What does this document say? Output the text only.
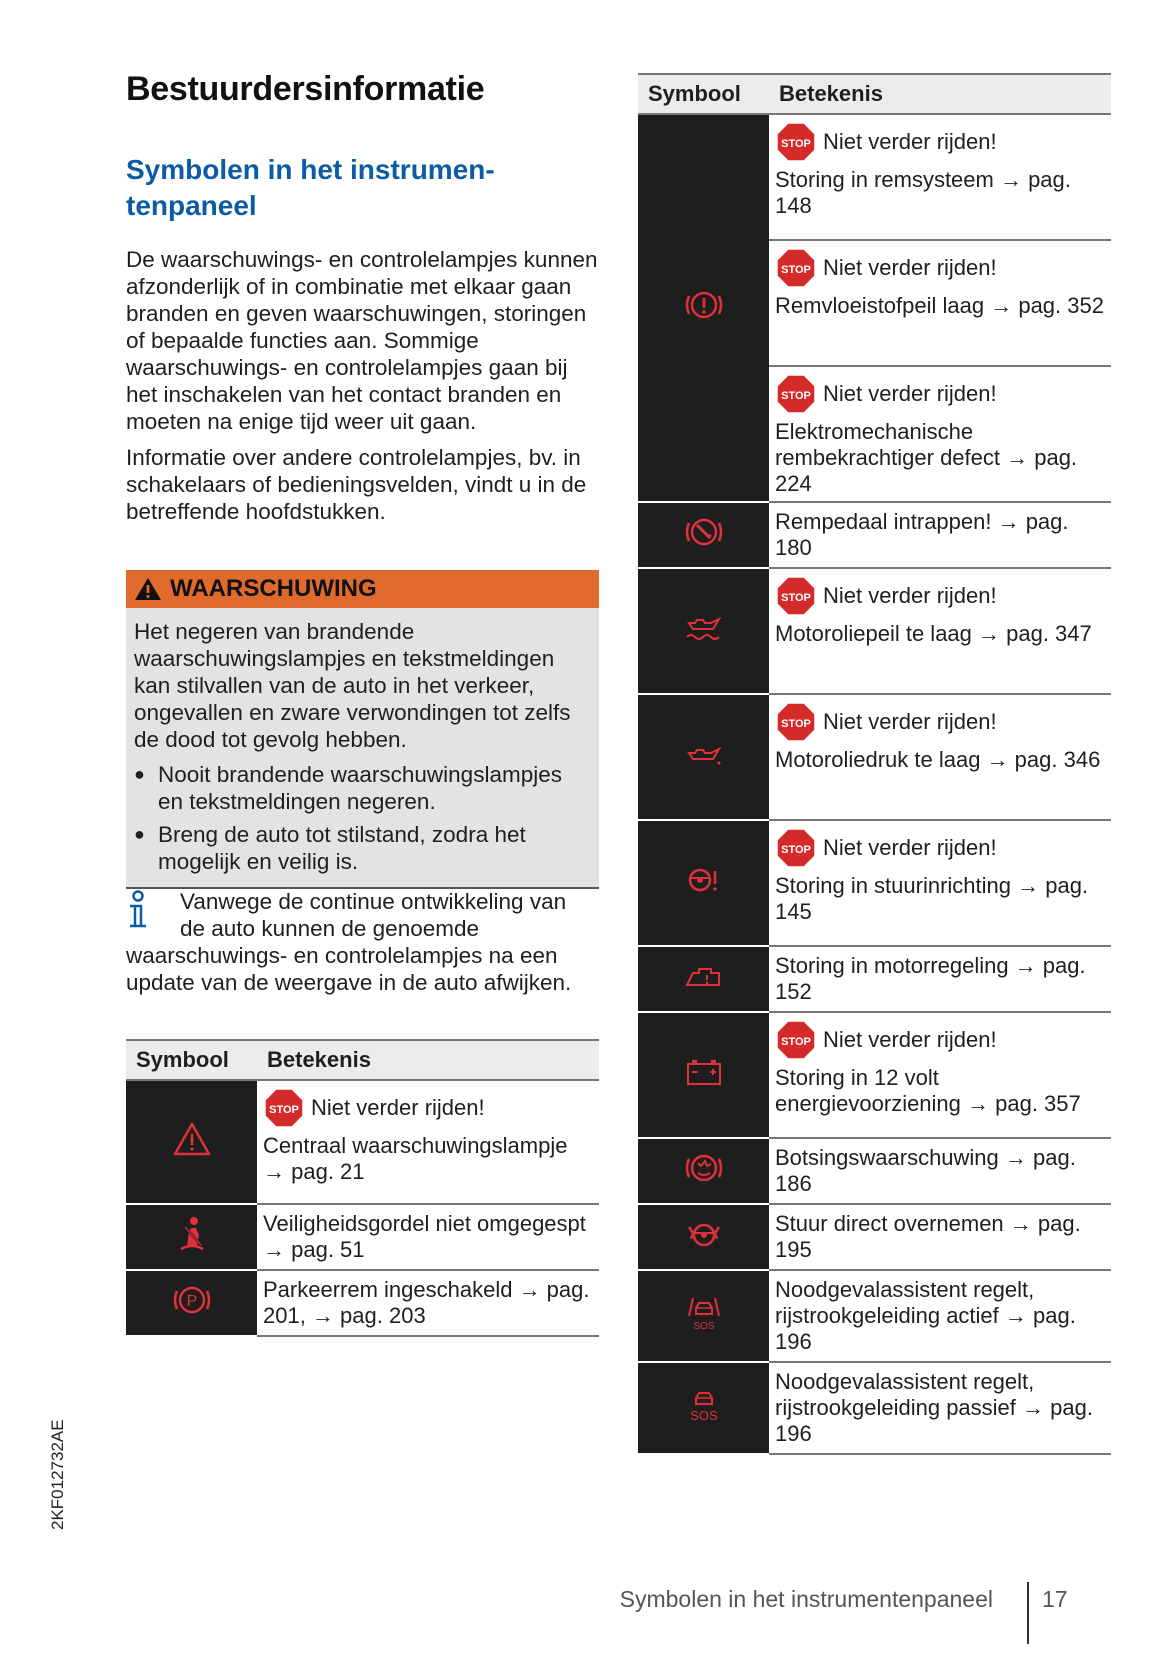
Bestuurdersinformatie
Symbolen in het instrumen-tenpaneel

De waarschuwings- en controlelampjes kunnen afzonderlijk of in combinatie met elkaar gaan branden en geven waarschuwingen, storingen of bepaalde functies aan. Sommige waarschuwings- en controlelampjes gaan bij het inschakelen van het contact branden en moeten na enige tijd weer uit gaan.

Informatie over andere controlelampjes, bv. in schakelaars of bedieningsvelden, vindt u in de betreffende hoofdstukken.

WAARSCHUWING

Het negeren van brandende waarschuwingslampjes en tekstmeldingen kan stilvallen van de auto in het verkeer, ongevallen en zware verwondingen tot zelfs de dood tot gevolg hebben.

● Nooit brandende waarschuwingslampjes en tekstmeldingen negeren.
● Breng de auto tot stilstand, zodra het mogelijk en veilig is.
Vanwege de continue ontwikkeling van de auto kunnen de genoemde waarschuwings- en controlelampjes na een update van de weergave in de auto afwijken.
Symbool	Betekenis

STOP Niet verder rijden!
Centraal waarschuwingslampje → pag. 21

Veiligheidsgordel niet omgegespt → pag. 51

P	Parkeerrem ingeschakeld → pag. 201, → pag. 203
Symbool	Betekenis

STOP Niet verder rijden!
Storing in remsysteem → pag. 148

STOP Niet verder rijden!
Remvloeistofpeil laag → pag. 352

STOP Niet verder rijden!
Elektromechanische rembekrachtiger defect → pag. 224

Rempedaal intrappen! → pag. 180

STOP Niet verder rijden!
Motoroliepeil te laag → pag. 347

STOP Niet verder rijden!
Motoroliedruk te laag → pag. 346

STOP Niet verder rijden!
Storing in stuurinrichting → pag. 145

Storing in motorregeling → pag. 152

STOP Niet verder rijden!
Storing in 12 volt energievoorziening → pag. 357

Botsingswaarschuwing → pag. 186

Stuur direct overnemen → pag. 195

SOS	Noodgevalassistent regelt, rijstrookgeleiding actief → pag. 196

SOS	Noodgevalassistent regelt, rijstrookgeleiding passief → pag. 196
Symbolen in het instrumentenpaneel 17
2KF012732AE
